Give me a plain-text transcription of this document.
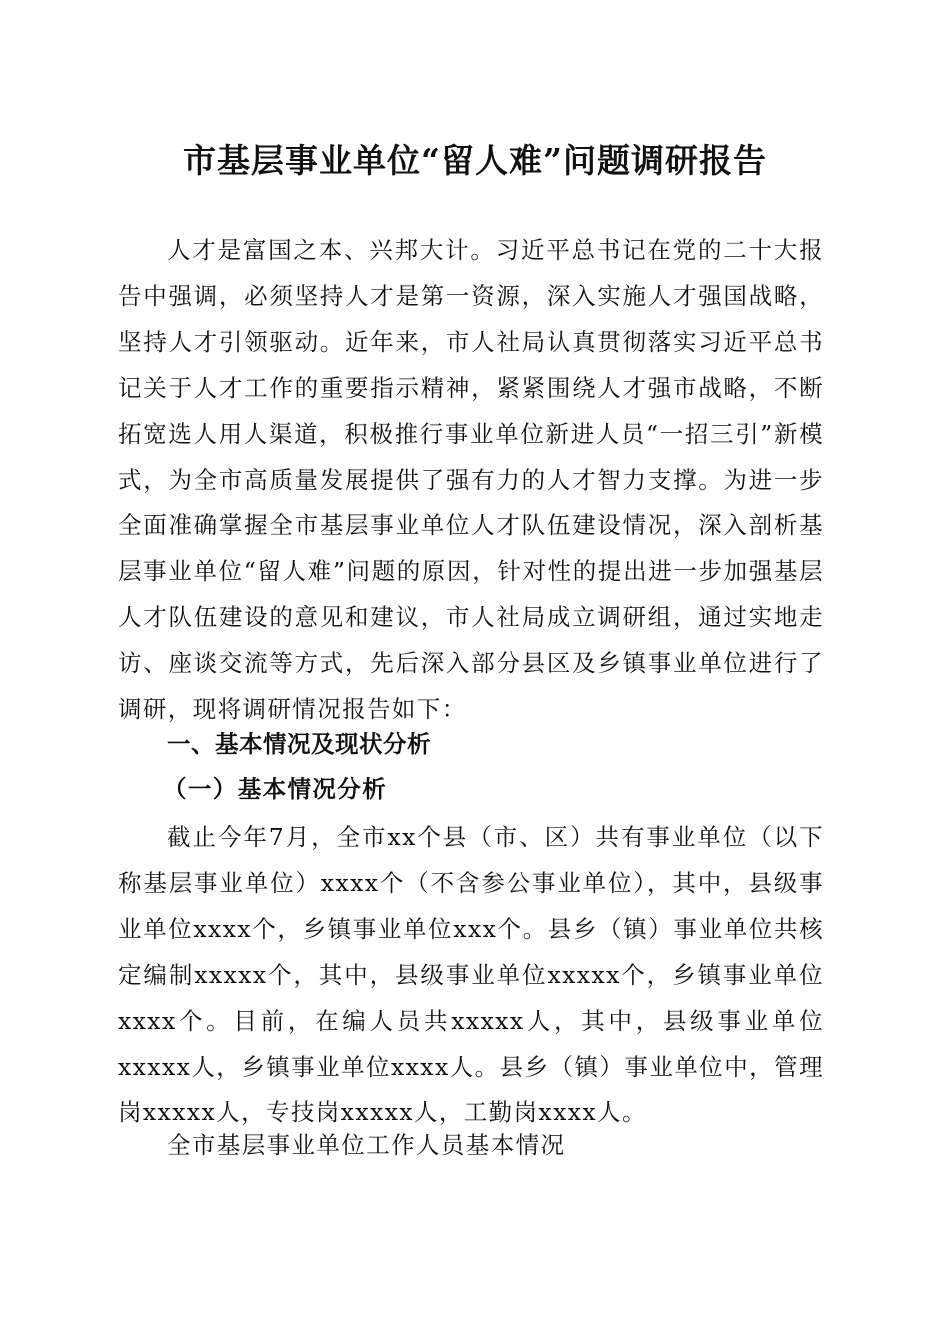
市基层事业单位“留人难”问题调研报告

人才是富国之本、兴邦大计。习近平总书记在党的二十大报告中强调，必须坚持人才是第一资源，深入实施人才强国战略，坚持人才引领驱动。近年来，市人社局认真贯彻落实习近平总书记关于人才工作的重要指示精神，紧紧围绕人才强市战略，不断拓宽选人用人渠道，积极推行事业单位新进人员“一招三引”新模式，为全市高质量发展提供了强有力的人才智力支撑。为进一步全面准确掌握全市基层事业单位人才队伍建设情况，深入剖析基层事业单位“留人难”问题的原因，针对性的提出进一步加强基层人才队伍建设的意见和建议，市人社局成立调研组，通过实地走访、座谈交流等方式，先后深入部分县区及乡镇事业单位进行了调研，现将调研情况报告如下：

一、基本情况及现状分析
（一）基本情况分析

截止今年7月，全市xx个县（市、区）共有事业单位（以下称基层事业单位）xxxx个（不含参公事业单位），其中，县级事业单位xxxx个，乡镇事业单位xxx个。县乡（镇）事业单位共核定编制xxxxx个，其中，县级事业单位xxxxx个，乡镇事业单位xxxx个。目前，在编人员共xxxxx人，其中，县级事业单位xxxxx人，乡镇事业单位xxxx人。县乡（镇）事业单位中，管理岗xxxxx人，专技岗xxxxx人，工勤岗xxxx人。

全市基层事业单位工作人员基本情况
